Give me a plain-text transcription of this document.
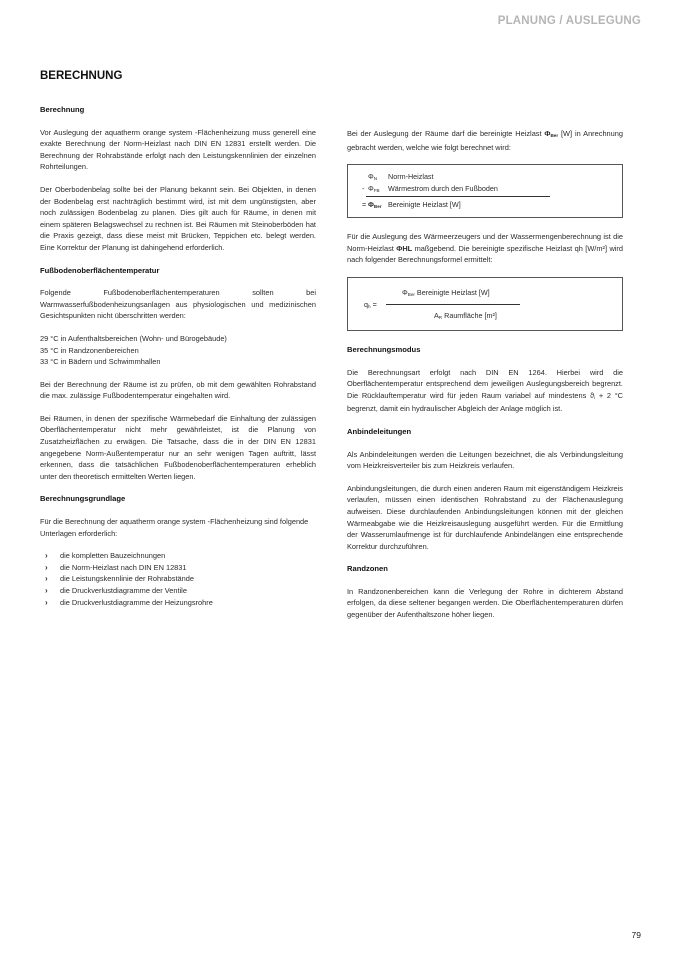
PLANUNG / AUSLEGUNG
BERECHNUNG
Berechnung
Vor Auslegung der aquatherm orange system -Flächenheizung muss generell eine exakte Berechnung der Norm-Heizlast nach DIN EN 12831 erstellt werden. Die Berechnung der Rohrabstände erfolgt nach den Leistungskennlinien der einzelnen Rohrteilungen.
Der Oberbodenbelag sollte bei der Planung bekannt sein. Bei Objekten, in denen der Bodenbelag erst nachträglich bestimmt wird, ist mit dem ungünstigsten, aber noch zulässigen Bodenbelag zu planen. Dies gilt auch für Räume, in denen mit einem späteren Belagswechsel zu rechnen ist. Bei Räumen mit Steinoberböden hat die Praxis gezeigt, dass diese meist mit Brücken, Teppichen etc. belegt werden. Eine Korrektur der Planung ist dahingehend erforderlich.
Fußbodenoberflächentemperatur
Folgende Fußbodenoberflächentemperaturen sollten bei Warmwasserfußbodenheizungsanlagen aus physiologischen und medizinischen Gesichtspunkten nicht überschritten werden:
29 °C in Aufenthaltsbereichen (Wohn- und Bürogebäude)
35 °C in Randzonenbereichen
33 °C in Bädern und Schwimmhallen
Bei der Berechnung der Räume ist zu prüfen, ob mit dem gewählten Rohrabstand die max. zulässige Fußbodentemperatur eingehalten wird.
Bei Räumen, in denen der spezifische Wärmebedarf die Einhaltung der zulässigen Oberflächentemperatur nicht mehr gewährleistet, ist die Planung von Zusatzheizflächen zu erwägen. Die Tatsache, dass die in der DIN EN 12831 angegebene Norm-Außentemperatur nur an sehr wenigen Tagen auftritt, lässt erkennen, dass die tatsächlichen Fußbodenoberflächentemperaturen erheblich unter den theoretisch ermittelten Werten liegen.
Berechnungsgrundlage
Für die Berechnung der aquatherm orange system -Flächenheizung sind folgende Unterlagen erforderlich:
› die kompletten Bauzeichnungen
› die Norm-Heizlast nach DIN EN 12831
› die Leistungskennlinie der Rohrabstände
› die Druckverlustdiagramme der Ventile
› die Druckverlustdiagramme der Heizungsrohre
Bei der Auslegung der Räume darf die bereinigte Heizlast $\Phi_{Ber}$ [W] in Anrechnung gebracht werden, welche wie folgt berechnet wird:
$\Phi_N$ Norm-Heizlast
- $\Phi_{FB}$ Wärmestrom durch den Fußboden
= $\Phi_{Ber}$ Bereinigte Heizlast [W]
Für die Auslegung des Wärmeerzeugers und der Wassermengenberechnung ist die Norm-Heizlast ΦHL maßgebend. Die bereinigte spezifische Heizlast qh [W/m²] wird nach folgender Berechnungsformel ermittelt:
$\Phi_{Ber}$ Bereinigte Heizlast [W]
$q_h$ =
$A_R$ Raumfläche [m²]
Berechnungsmodus
Die Berechnungsart erfolgt nach DIN EN 1264. Hierbei wird die Oberflächentemperatur entsprechend dem jeweiligen Auslegungsbereich begrenzt. Die Rücklauftemperatur wird für jeden Raum variabel auf mindestens $ϑ_i + 2$ °C begrenzt, damit ein hydraulischer Abgleich der Anlage möglich ist.
Anbindeleitungen
Als Anbindeleitungen werden die Leitungen bezeichnet, die als Verbindungsleitung vom Heizkreisverteiler bis zum Heizkreis verlaufen.
Anbindungsleitungen, die durch einen anderen Raum mit eigenständigem Heizkreis verlaufen, müssen einen identischen Rohrabstand zu der Flächenauslegung aufweisen. Diese durchlaufenden Anbindungsleitungen können mit der gleichen Wärmeabgabe wie die Heizkreisauslegung ausgeführt werden. Für die Ermittlung der Wasserumlaufmenge ist für durchlaufende Anbindelängen eine entsprechende Korrektur durchzuführen.
Randzonen
In Randzonenbereichen kann die Verlegung der Rohre in dichterem Abstand erfolgen, da diese seltener begangen werden. Die Oberflächentemperaturen dürfen gegenüber der Aufenthaltszone höher liegen.
79
